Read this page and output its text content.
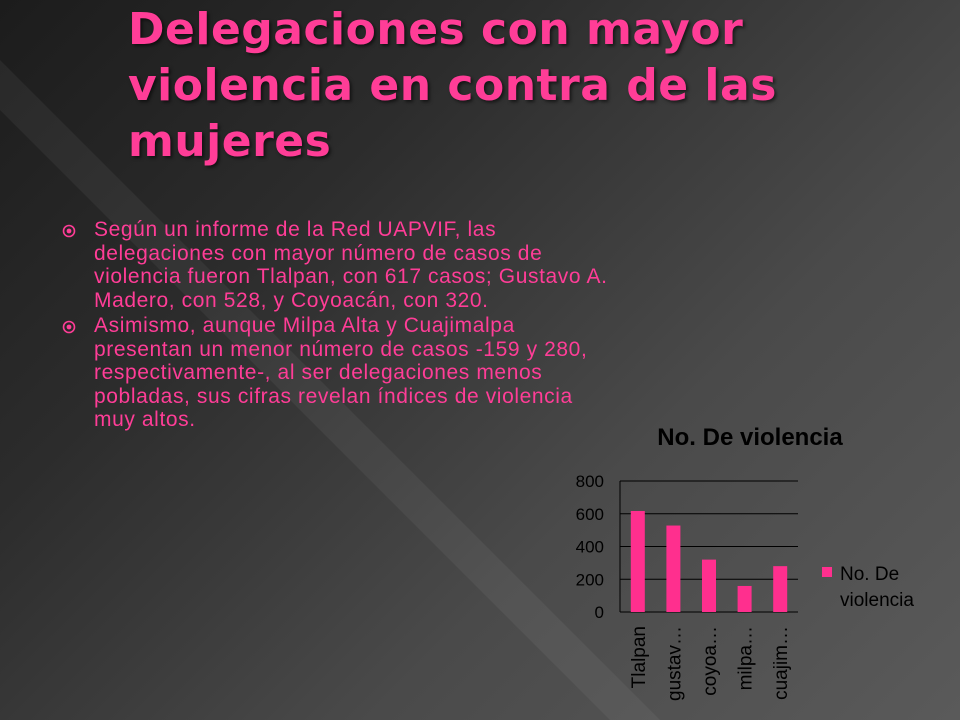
Delegaciones con mayor violencia en contra de las mujeres
Según un informe de la Red UAPVIF, las delegaciones con mayor número de casos de violencia fueron Tlalpan, con 617 casos; Gustavo A. Madero, con 528, y Coyoacán, con 320.
Asimismo, aunque Milpa Alta y Cuajimalpa presentan un menor número de casos -159 y 280, respectivamente-, al ser delegaciones menos pobladas, sus cifras revelan índices de violencia muy altos.
No. De violencia
0
200
400
600
800
Tlalpan gustav… coyoa… milpa… cuajim…
No. De violencia
